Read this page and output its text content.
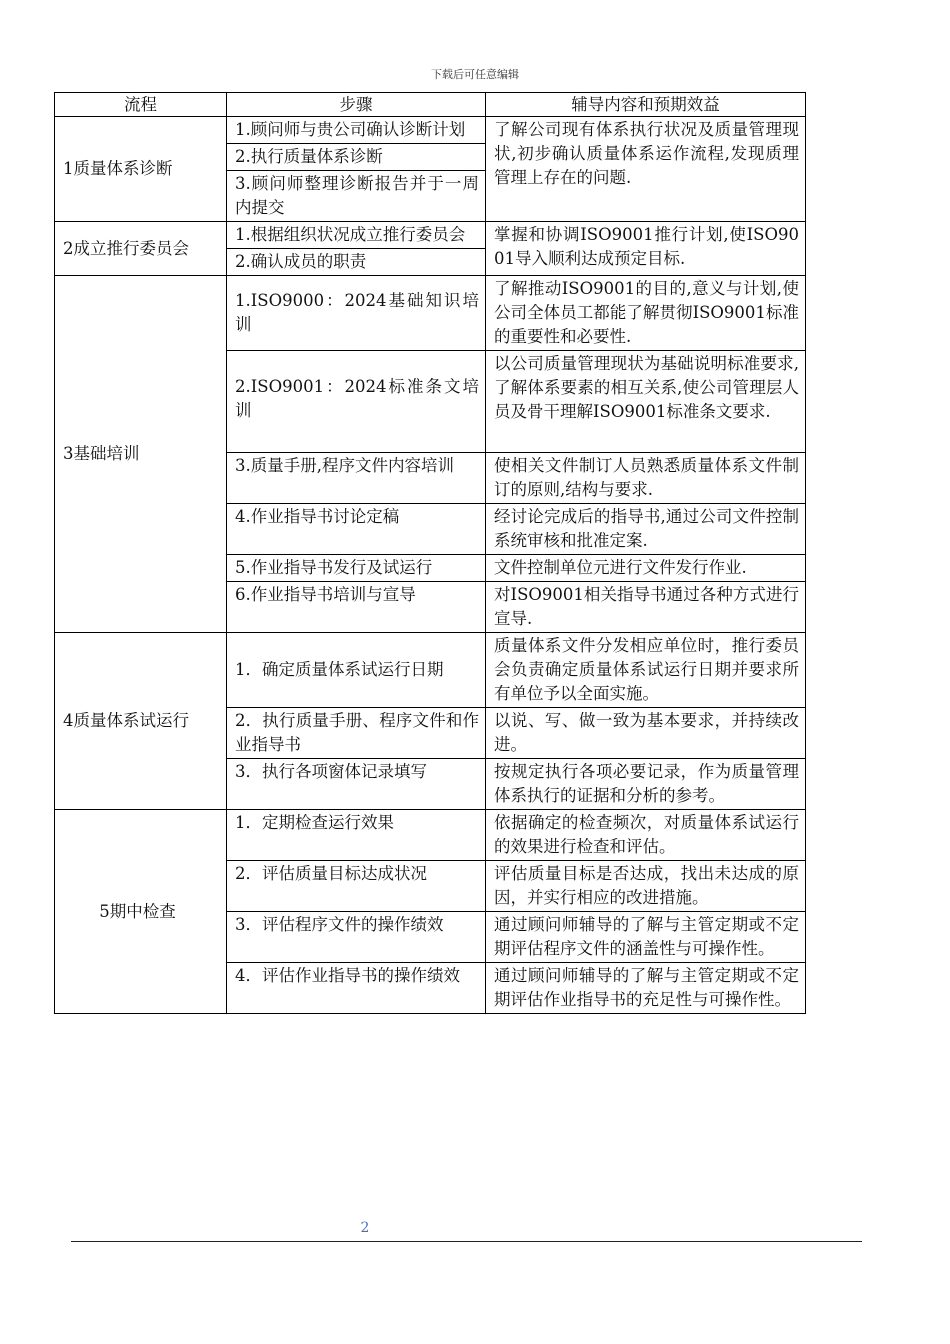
下载后可任意编辑
流程	步骤	辅导内容和预期效益
1质量体系诊断	1.顾问师与贵公司确认诊断计划	了解公司现有体系执行状况及质量管理现状,初步确认质量体系运作流程,发现质理管理上存在的问题.
	2.执行质量体系诊断	
	3.顾问师整理诊断报告并于一周内提交	
2成立推行委员会	1.根据组织状况成立推行委员会	掌握和协调ISO9001推行计划,使ISO9001导入顺利达成预定目标.
	2.确认成员的职责	
3基础培训	1.ISO9000：2024基础知识培训	了解推动ISO9001的目的,意义与计划,使公司全体员工都能了解贯彻ISO9001标准的重要性和必要性.
	2.ISO9001：2024标准条文培训	以公司质量管理现状为基础说明标准要求,了解体系要素的相互关系,使公司管理层人员及骨干理解ISO9001标准条文要求.
	3.质量手册,程序文件内容培训	使相关文件制订人员熟悉质量体系文件制订的原则,结构与要求.
	4.作业指导书讨论定稿	经讨论完成后的指导书,通过公司文件控制系统审核和批准定案.
	5.作业指导书发行及试运行	文件控制单位元进行文件发行作业.
	6.作业指导书培训与宣导	对ISO9001相关指导书通过各种方式进行宣导.
4质量体系试运行	1．确定质量体系试运行日期	质量体系文件分发相应单位时，推行委员会负责确定质量体系试运行日期并要求所有单位予以全面实施。
	2．执行质量手册、程序文件和作业指导书	以说、写、做一致为基本要求，并持续改进。
	3．执行各项窗体记录填写	按规定执行各项必要记录，作为质量管理体系执行的证据和分析的参考。
5期中检查	1．定期检查运行效果	依据确定的检查频次，对质量体系试运行的效果进行检查和评估。
	2．评估质量目标达成状况	评估质量目标是否达成，找出未达成的原因，并实行相应的改进措施。
	3．评估程序文件的操作绩效	通过顾问师辅导的了解与主管定期或不定期评估程序文件的涵盖性与可操作性。
	4．评估作业指导书的操作绩效	通过顾问师辅导的了解与主管定期或不定期评估作业指导书的充足性与可操作性。
2
